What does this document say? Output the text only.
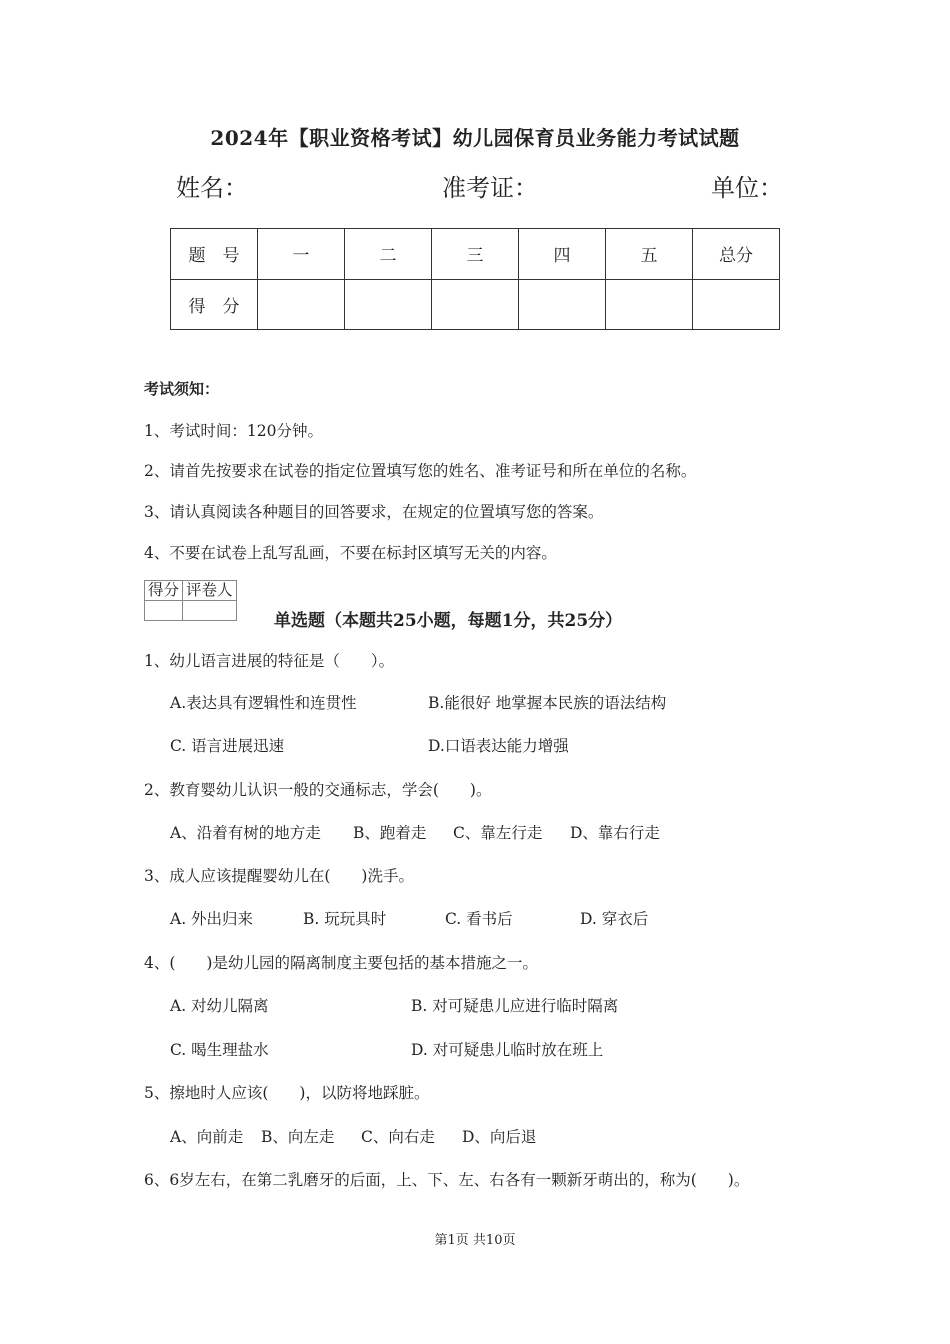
2024年【职业资格考试】幼儿园保育员业务能力考试试题
姓名：	准考证：	单位：
题　号	一	二	三	四	五	总分
得　分						
考试须知：
1、考试时间：120分钟。
2、请首先按要求在试卷的指定位置填写您的姓名、准考证号和所在单位的名称。
3、请认真阅读各种题目的回答要求，在规定的位置填写您的答案。
4、不要在试卷上乱写乱画，不要在标封区填写无关的内容。
得分	评卷人

单选题（本题共25小题，每题1分，共25分）
1、幼儿语言进展的特征是（　　）。
A.表达具有逻辑性和连贯性	B.能很好 地掌握本民族的语法结构
C. 语言进展迅速	D.口语表达能力增强
2、教育婴幼儿认识一般的交通标志，学会(　　)。
A、沿着有树的地方走 B、跑着走 C、靠左行走 D、靠右行走
3、成人应该提醒婴幼儿在(　　)洗手。
A. 外出归来	B. 玩玩具时	C. 看书后	D. 穿衣后
4、(　　)是幼儿园的隔离制度主要包括的基本措施之一。
A. 对幼儿隔离	B. 对可疑患儿应进行临时隔离
C. 喝生理盐水	D. 对可疑患儿临时放在班上
5、擦地时人应该(　　)，以防将地踩脏。
A、向前走 B、向左走 C、向右走 D、向后退
6、6岁左右，在第二乳磨牙的后面，上、下、左、右各有一颗新牙萌出的，称为(　　)。
第1页 共10页
